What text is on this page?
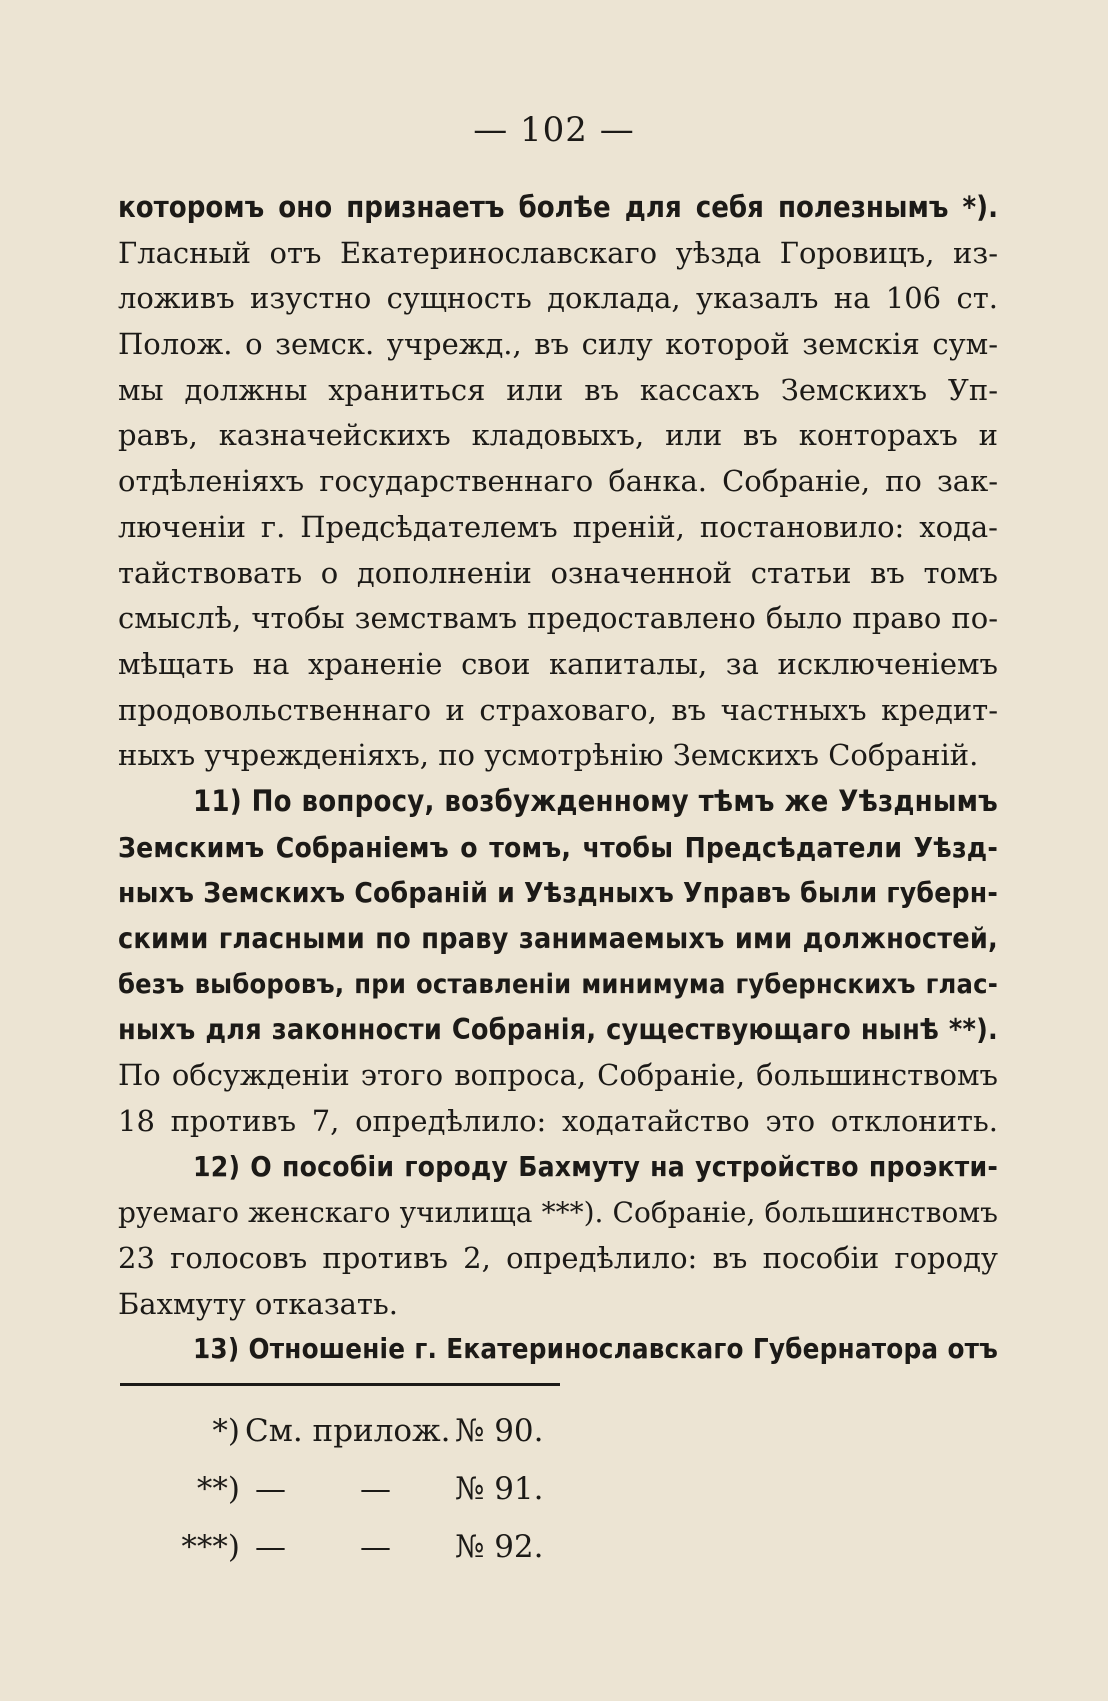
— 102 —
которомъ оно признаетъ болѣе для себя полезнымъ *).
Гласный отъ Екатеринославскаго уѣзда Горовицъ, из-
ложивъ изустно сущность доклада, указалъ на 106 ст.
Полож. о земск. учрежд., въ силу которой земскія сум-
мы должны храниться или въ кассахъ Земскихъ Уп-
равъ, казначейскихъ кладовыхъ, или въ конторахъ и
отдѣленіяхъ государственнаго банка. Собраніе, по зак-
люченіи г. Предсѣдателемъ преній, постановило: хода-
тайствовать о дополненіи означенной статьи въ томъ
смыслѣ, чтобы земствамъ предоставлено было право по-
мѣщать на храненіе свои капиталы, за исключеніемъ
продовольственнаго и страховаго, въ частныхъ кредит-
ныхъ учрежденіяхъ, по усмотрѣнію Земскихъ Собраній.
11) По вопросу, возбужденному тѣмъ же Уѣзднымъ
Земскимъ Собраніемъ о томъ, чтобы Предсѣдатели Уѣзд-
ныхъ Земскихъ Собраній и Уѣздныхъ Управъ были губерн-
скими гласными по праву занимаемыхъ ими должностей,
безъ выборовъ, при оставленіи минимума губернскихъ глас-
ныхъ для законности Собранія, существующаго нынѣ **).
По обсужденіи этого вопроса, Собраніе, большинствомъ
18 противъ 7, опредѣлило: ходатайство это отклонить.
12) О пособіи городу Бахмуту на устройство проэкти-
руемаго женскаго училища ***). Собраніе, большинствомъ
23 голосовъ противъ 2, опредѣлило: въ пособіи городу
Бахмуту отказать.
13) Отношеніе г. Екатеринославскаго Губернатора отъ
*) См. прилож. № 90.
**) — — № 91.
***) — — № 92.
